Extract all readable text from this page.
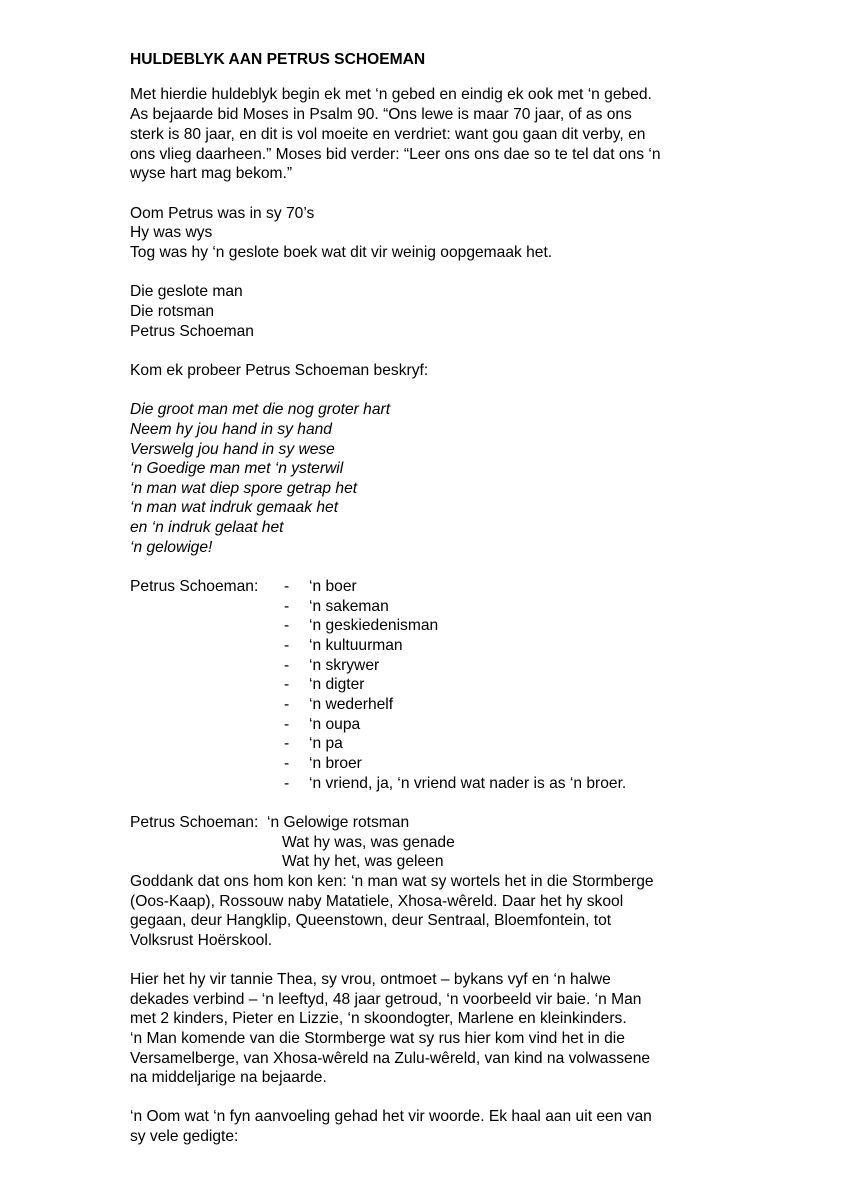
HULDEBLYK AAN PETRUS SCHOEMAN
Met hierdie huldeblyk begin ek met ‘n gebed en eindig ek ook met ‘n gebed.
As bejaarde bid Moses in Psalm 90. “Ons lewe is maar 70 jaar, of as ons
sterk is 80 jaar, en dit is vol moeite en verdriet: want gou gaan dit verby, en
ons vlieg daarheen.” Moses bid verder: “Leer ons ons dae so te tel dat ons ‘n
wyse hart mag bekom.”
Oom Petrus was in sy 70’s
Hy was wys
Tog was hy ‘n geslote boek wat dit vir weinig oopgemaak het.
Die geslote man
Die rotsman
Petrus Schoeman
Kom ek probeer Petrus Schoeman beskryf:
Die groot man met die nog groter hart
Neem hy jou hand in sy hand
Verswelg jou hand in sy wese
‘n Goedige man met ‘n ysterwil
‘n man wat diep spore getrap het
‘n man wat indruk gemaak het
en ‘n indruk gelaat het
‘n gelowige!
Petrus Schoeman: - ‘n boer
- ‘n sakeman
- ‘n geskiedenisman
- ‘n kultuurman
- ‘n skrywer
- ‘n digter
- ‘n wederhelf
- ‘n oupa
- ‘n pa
- ‘n broer
- ‘n vriend, ja, ‘n vriend wat nader is as ‘n broer.
Petrus Schoeman: ‘n Gelowige rotsman
Wat hy was, was genade
Wat hy het, was geleen
Goddank dat ons hom kon ken: ‘n man wat sy wortels het in die Stormberge
(Oos-Kaap), Rossouw naby Matatiele, Xhosa-wêreld. Daar het hy skool
gegaan, deur Hangklip, Queenstown, deur Sentraal, Bloemfontein, tot
Volksrust Hoërskool.
Hier het hy vir tannie Thea, sy vrou, ontmoet – bykans vyf en ‘n halwe
dekades verbind – ‘n leeftyd, 48 jaar getroud, ‘n voorbeeld vir baie. ‘n Man
met 2 kinders, Pieter en Lizzie, ‘n skoondogter, Marlene en kleinkinders.
‘n Man komende van die Stormberge wat sy rus hier kom vind het in die
Versamelberge, van Xhosa-wêreld na Zulu-wêreld, van kind na volwassene
na middeljarige na bejaarde.
‘n Oom wat ‘n fyn aanvoeling gehad het vir woorde. Ek haal aan uit een van
sy vele gedigte:
